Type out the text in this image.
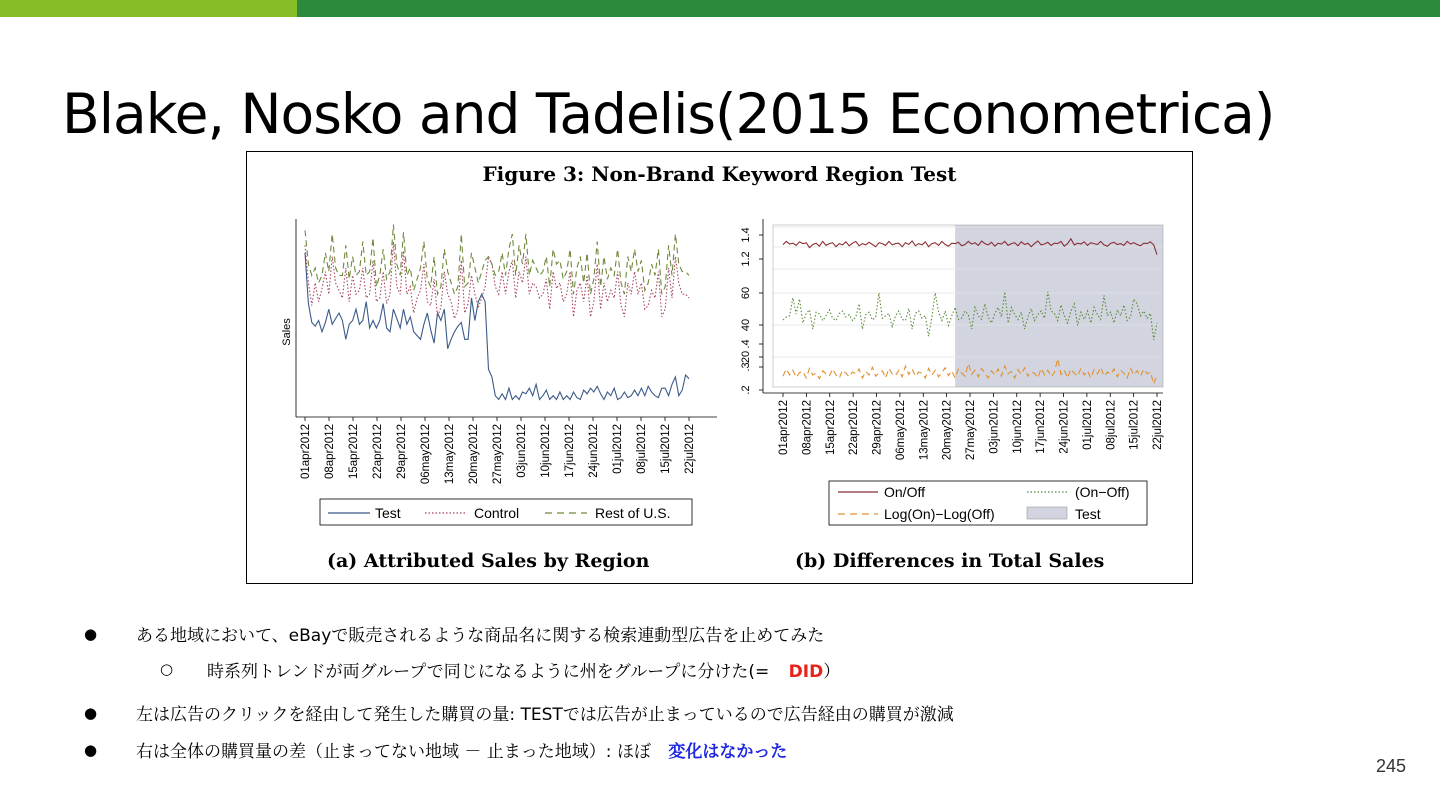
Blake, Nosko and Tadelis(2015 Econometrica)
Figure 3: Non-Brand Keyword Region Test
Sales
01apr2012 08apr2012 15apr2012 22apr2012 29apr2012 06may2012 13may2012 20may2012 27may2012 03jun2012 10jun2012 17jun2012 24jun2012 01jul2012 08jul2012 15jul2012 22jul2012
Test	Control	Rest of U.S.
1.2
1.4
20
40
60
.2
.3
.4
01apr2012 08apr2012 15apr2012 22apr2012 29apr2012 06may2012 13may2012 20may2012 27may2012 03jun2012 10jun2012 17jun2012 24jun2012 01jul2012 08jul2012 15jul2012 22jul2012
On/Off	(On−Off)
Log(On)−Log(Off)	Test
(a) Attributed Sales by Region	(b) Differences in Total Sales
● ある地域において、eBayで販売されるような商品名に関する検索連動型広告を止めてみた
○ 時系列トレンドが両グループで同じになるように州をグループに分けた(= DID）
● 左は広告のクリックを経由して発生した購買の量: TESTでは広告が止まっているので広告経由の購買が激減
● 右は全体の購買量の差（止まってない地域 － 止まった地域）: ほぼ 変化はなかった
245
